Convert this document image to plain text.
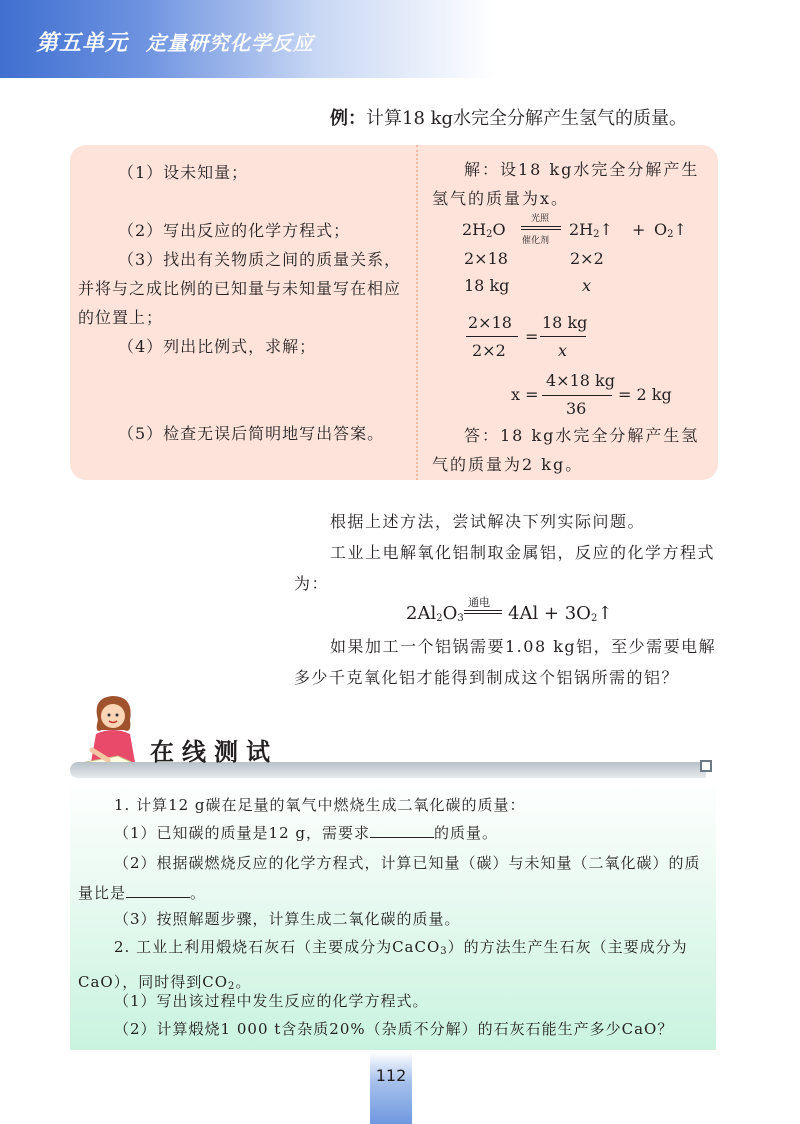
第五单元 定量研究化学反应
例：计算18 kg水完全分解产生氢气的质量。
（1）设未知量；
（2）写出反应的化学方程式；
（3）找出有关物质之间的质量关系，并将与之成比例的已知量与未知量写在相应的位置上；
（4）列出比例式，求解；
（5）检查无误后简明地写出答案。
解：设18 kg水完全分解产生氢气的质量为x。
$2H_2O$
光照
催化剂
$2H_2↑$ + $O_2↑$
2×18	2×2
18 kg	x
2×18
2×2
=
18 kg
x
x =
4×18 kg
36
= 2 kg
答：18 kg水完全分解产生氢气的质量为2 kg。
根据上述方法，尝试解决下列实际问题。
工业上电解氧化铝制取金属铝，反应的化学方程式为：
$2Al_2O_3$
通电
$4Al + 3O_2↑$
如果加工一个铝锅需要1.08 kg铝，至少需要电解多少千克氧化铝才能得到制成这个铝锅所需的铝？
在线测试
1. 计算12 g碳在足量的氧气中燃烧生成二氧化碳的质量：
（1）已知碳的质量是12 g，需要求	的质量。
（2）根据碳燃烧反应的化学方程式，计算已知量（碳）与未知量（二氧化碳）的质量比是	。
（3）按照解题步骤，计算生成二氧化碳的质量。
2. 工业上利用煅烧石灰石（主要成分为CaCO$_3$）的方法生产生石灰（主要成分为CaO），同时得到$CO_2$。
（1）写出该过程中发生反应的化学方程式。
（2）计算煅烧1 000 t含杂质20%（杂质不分解）的石灰石能生产多少CaO？
112
